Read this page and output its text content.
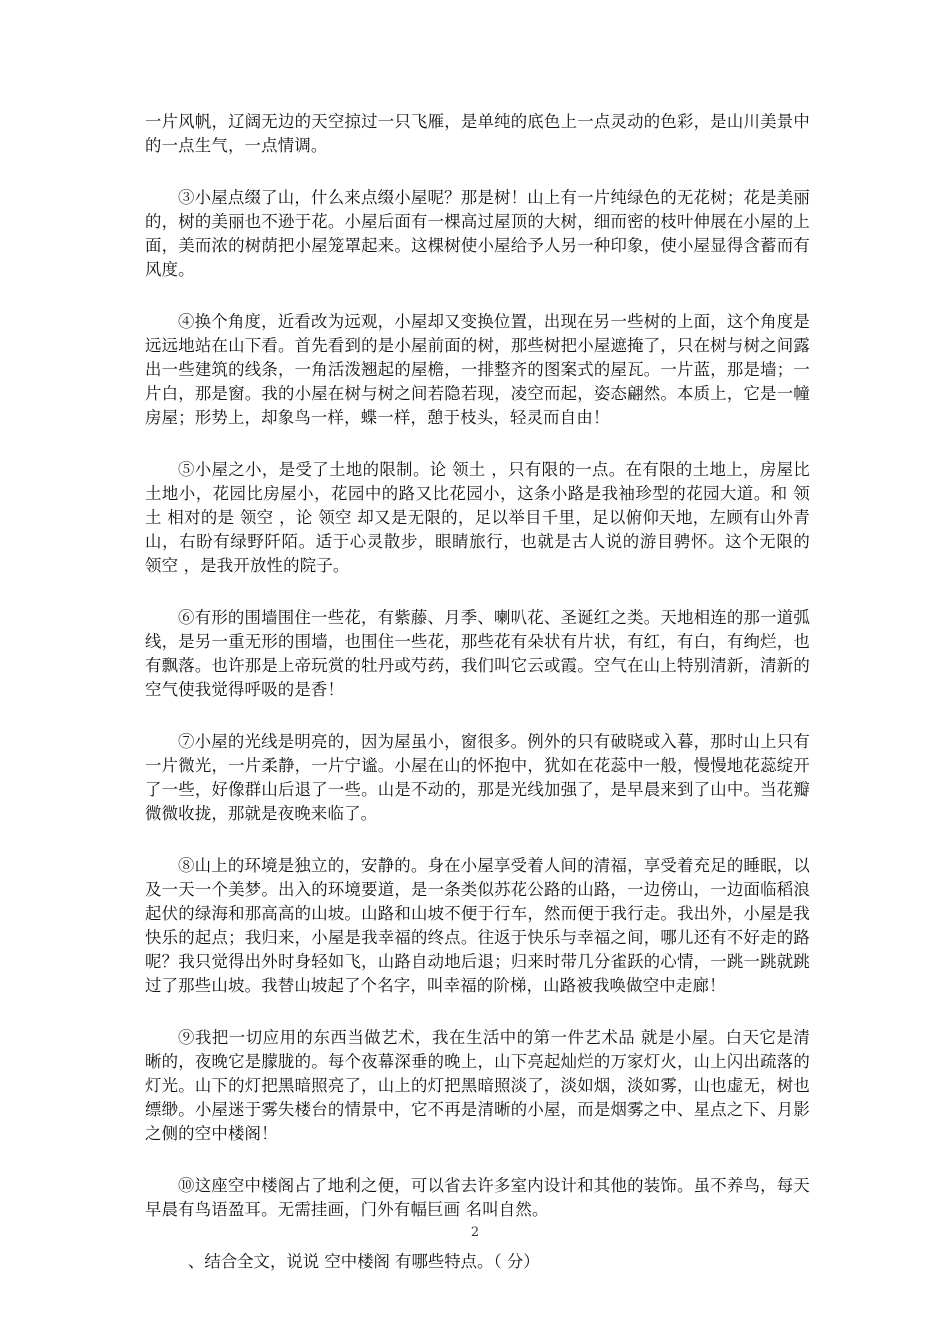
一片风帆，辽阔无边的天空掠过一只飞雁，是单纯的底色上一点灵动的色彩，是山川美景中的一点生气，一点情调。

③小屋点缀了山，什么来点缀小屋呢？那是树！山上有一片纯绿色的无花树；花是美丽的，树的美丽也不逊于花。小屋后面有一棵高过屋顶的大树，细而密的枝叶伸展在小屋的上面，美而浓的树荫把小屋笼罩起来。这棵树使小屋给予人另一种印象，使小屋显得含蓄而有风度。

④换个角度，近看改为远观，小屋却又变换位置，出现在另一些树的上面，这个角度是远远地站在山下看。首先看到的是小屋前面的树，那些树把小屋遮掩了，只在树与树之间露出一些建筑的线条，一角活泼翘起的屋檐，一排整齐的图案式的屋瓦。一片蓝，那是墙；一片白，那是窗。我的小屋在树与树之间若隐若现，凌空而起，姿态翩然。本质上，它是一幢房屋；形势上，却象鸟一样，蝶一样，憩于枝头，轻灵而自由！

⑤小屋之小，是受了土地的限制。论 领土 ，只有限的一点。在有限的土地上，房屋比土地小，花园比房屋小，花园中的路又比花园小，这条小路是我袖珍型的花园大道。和 领土 相对的是 领空 ，论 领空 却又是无限的，足以举目千里，足以俯仰天地，左顾有山外青山，右盼有绿野阡陌。适于心灵散步，眼睛旅行，也就是古人说的游目骋怀。这个无限的 领空 ，是我开放性的院子。

⑥有形的围墙围住一些花，有紫藤、月季、喇叭花、圣诞红之类。天地相连的那一道弧线，是另一重无形的围墙，也围住一些花，那些花有朵状有片状，有红，有白，有绚烂，也有飘落。也许那是上帝玩赏的牡丹或芍药，我们叫它云或霞。空气在山上特别清新，清新的空气使我觉得呼吸的是香！

⑦小屋的光线是明亮的，因为屋虽小，窗很多。例外的只有破晓或入暮，那时山上只有一片微光，一片柔静，一片宁谧。小屋在山的怀抱中，犹如在花蕊中一般，慢慢地花蕊绽开了一些，好像群山后退了一些。山是不动的，那是光线加强了，是早晨来到了山中。当花瓣微微收拢，那就是夜晚来临了。

⑧山上的环境是独立的，安静的。身在小屋享受着人间的清福，享受着充足的睡眠，以及一天一个美梦。出入的环境要道，是一条类似苏花公路的山路，一边傍山，一边面临稻浪起伏的绿海和那高高的山坡。山路和山坡不便于行车，然而便于我行走。我出外，小屋是我快乐的起点；我归来，小屋是我幸福的终点。往返于快乐与幸福之间，哪儿还有不好走的路呢？我只觉得出外时身轻如飞，山路自动地后退；归来时带几分雀跃的心情，一跳一跳就跳过了那些山坡。我替山坡起了个名字，叫幸福的阶梯，山路被我唤做空中走廊！

⑨我把一切应用的东西当做艺术，我在生活中的第一件艺术品 就是小屋。白天它是清晰的，夜晚它是朦胧的。每个夜幕深垂的晚上，山下亮起灿烂的万家灯火，山上闪出疏落的灯光。山下的灯把黑暗照亮了，山上的灯把黑暗照淡了，淡如烟，淡如雾，山也虚无，树也缥缈。小屋迷于雾失楼台的情景中，它不再是清晰的小屋，而是烟雾之中、星点之下、月影之侧的空中楼阁！

⑩这座空中楼阁占了地利之便，可以省去许多室内设计和其他的装饰。虽不养鸟，每天早晨有鸟语盈耳。无需挂画，门外有幅巨画 名叫自然。

、结合全文，说说 空中楼阁 有哪些特点。（ 分）

2
